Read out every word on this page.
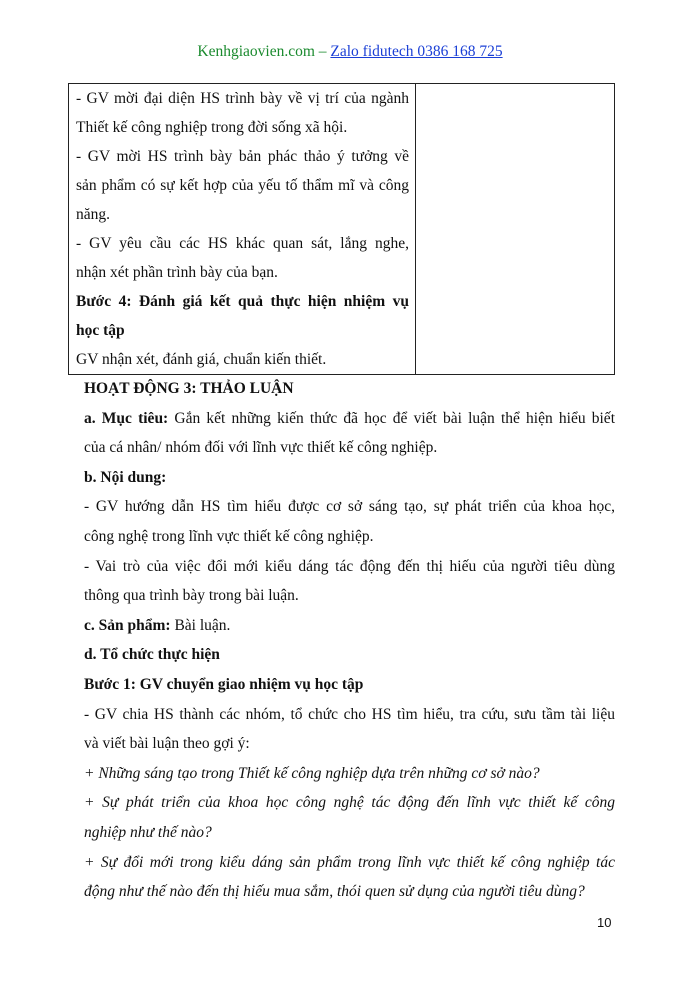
Kenhgiaovien.com – Zalo fidutech 0386 168 725
- GV mời đại diện HS trình bày về vị trí của ngành
Thiết kế công nghiệp trong đời sống xã hội.
- GV mời HS trình bày bản phác thảo ý tưởng về
sản phẩm có sự kết hợp của yếu tố thẩm mĩ và công
năng.
- GV yêu cầu các HS khác quan sát, lắng nghe,
nhận xét phần trình bày của bạn.
Bước 4: Đánh giá kết quả thực hiện nhiệm vụ
học tập
GV nhận xét, đánh giá, chuẩn kiến thiết.
HOẠT ĐỘNG 3: THẢO LUẬN
a. Mục tiêu: Gắn kết những kiến thức đã học để viết bài luận thể hiện hiểu biết
của cá nhân/ nhóm đối với lĩnh vực thiết kế công nghiệp.
b. Nội dung:
- GV hướng dẫn HS tìm hiểu được cơ sở sáng tạo, sự phát triển của khoa học,
công nghệ trong lĩnh vực thiết kế công nghiệp.
- Vai trò của việc đổi mới kiểu dáng tác động đến thị hiếu của người tiêu dùng
thông qua trình bày trong bài luận.
c. Sản phẩm: Bài luận.
d. Tổ chức thực hiện
Bước 1: GV chuyển giao nhiệm vụ học tập
- GV chia HS thành các nhóm, tổ chức cho HS tìm hiểu, tra cứu, sưu tầm tài liệu
và viết bài luận theo gợi ý:
+ Những sáng tạo trong Thiết kế công nghiệp dựa trên những cơ sở nào?
+ Sự phát triển của khoa học công nghệ tác động đến lĩnh vực thiết kế công
nghiệp như thế nào?
+ Sự đổi mới trong kiểu dáng sản phẩm trong lĩnh vực thiết kế công nghiệp tác
động như thế nào đến thị hiếu mua sắm, thói quen sử dụng của người tiêu dùng?
10
